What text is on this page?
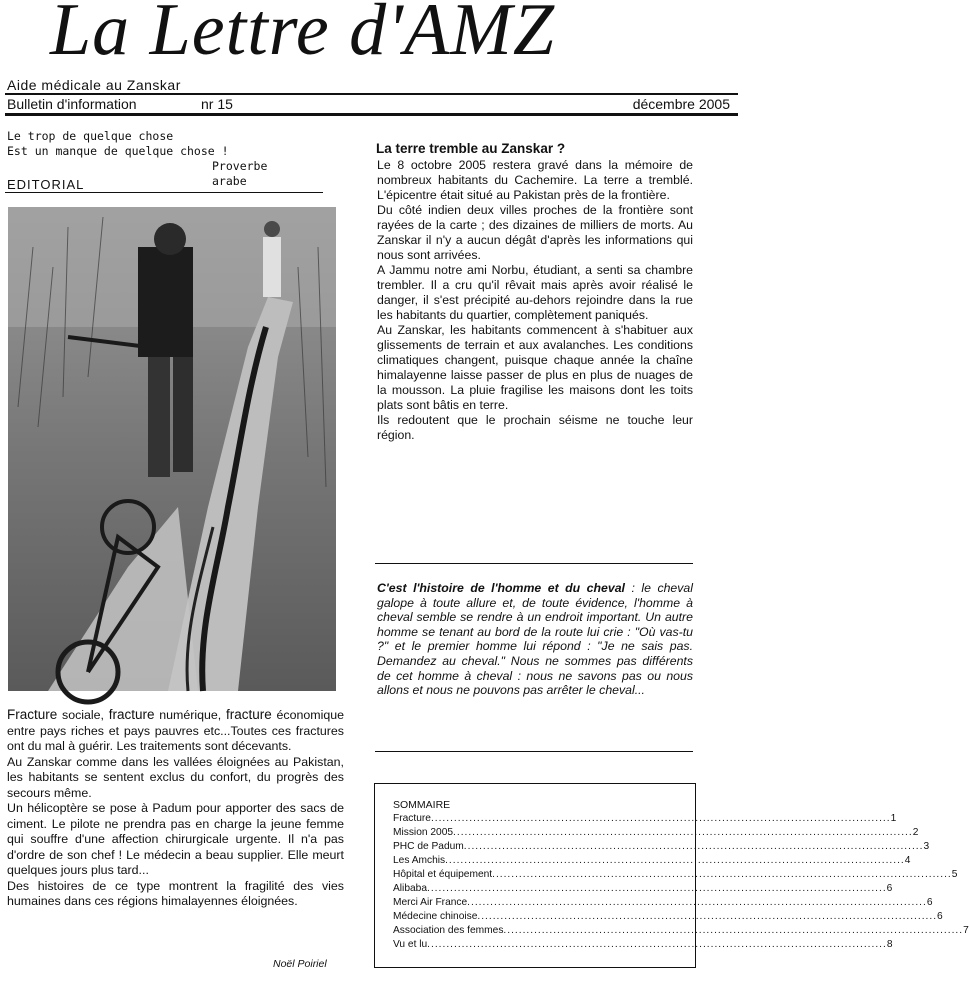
La Lettre d'AMZ
Aide médicale au Zanskar
Bulletin d'information	nr 15	décembre 2005
Le trop de quelque chose
Est un manque de quelque chose !
Proverbe arabe
EDITORIAL

Fracture sociale, fracture numérique, fracture économique entre pays riches et pays pauvres etc...Toutes ces fractures ont du mal à guérir. Les traitements sont décevants.

Au Zanskar comme dans les vallées éloignées au Pakistan, les habitants se sentent exclus du confort, du progrès des secours même.

Un hélicoptère se pose à Padum pour apporter des sacs de ciment. Le pilote ne prendra pas en charge la jeune femme qui souffre d'une affection chirurgicale urgente. Il n'a pas d'ordre de son chef ! Le médecin a beau supplier. Elle meurt quelques jours plus tard...

Des histoires de ce type montrent la fragilité des vies humaines dans ces régions himalayennes éloignées.

Noël Poiriel
La terre tremble au Zanskar ?

Le 8 octobre 2005 restera gravé dans la mémoire de nombreux habitants du Cachemire. La terre a tremblé. L'épicentre était situé au Pakistan près de la frontière.

Du côté indien deux villes proches de la frontière sont rayées de la carte ; des dizaines de milliers de morts. Au Zanskar il n'y a aucun dégât d'après les informations qui nous sont arrivées.

A Jammu notre ami Norbu, étudiant, a senti sa chambre trembler. Il a cru qu'il rêvait mais après avoir réalisé le danger, il s'est précipité au-dehors rejoindre dans la rue les habitants du quartier, complètement paniqués.

Au Zanskar, les habitants commencent à s'habituer aux glissements de terrain et aux avalanches. Les conditions climatiques changent, puisque chaque année la chaîne himalayenne laisse passer de plus en plus de nuages de la mousson. La pluie fragilise les maisons dont les toits plats sont bâtis en terre.

Ils redoutent que le prochain séisme ne touche leur région.

C'est l'histoire de l'homme et du cheval : le cheval galope à toute allure et, de toute évidence, l'homme à cheval semble se rendre à un endroit important. Un autre homme se tenant au bord de la route lui crie : "Où vas-tu ?" et le premier homme lui répond : "Je ne sais pas. Demandez au cheval." Nous ne sommes pas différents de cet homme à cheval : nous ne savons pas ou nous allons et nous ne pouvons pas arrêter le cheval...
SOMMAIRE
Fracture ........................................................................................................................ 1
Mission 2005 ........................................................................................................................ 2
PHC de Padum ........................................................................................................................ 3
Les Amchis ........................................................................................................................ 4
Hôpital et équipement ........................................................................................................................ 5
Alibaba ........................................................................................................................ 6
Merci Air France ........................................................................................................................ 6
Médecine chinoise ........................................................................................................................ 6
Association des femmes ........................................................................................................................ 7
Vu et lu ........................................................................................................................ 8
